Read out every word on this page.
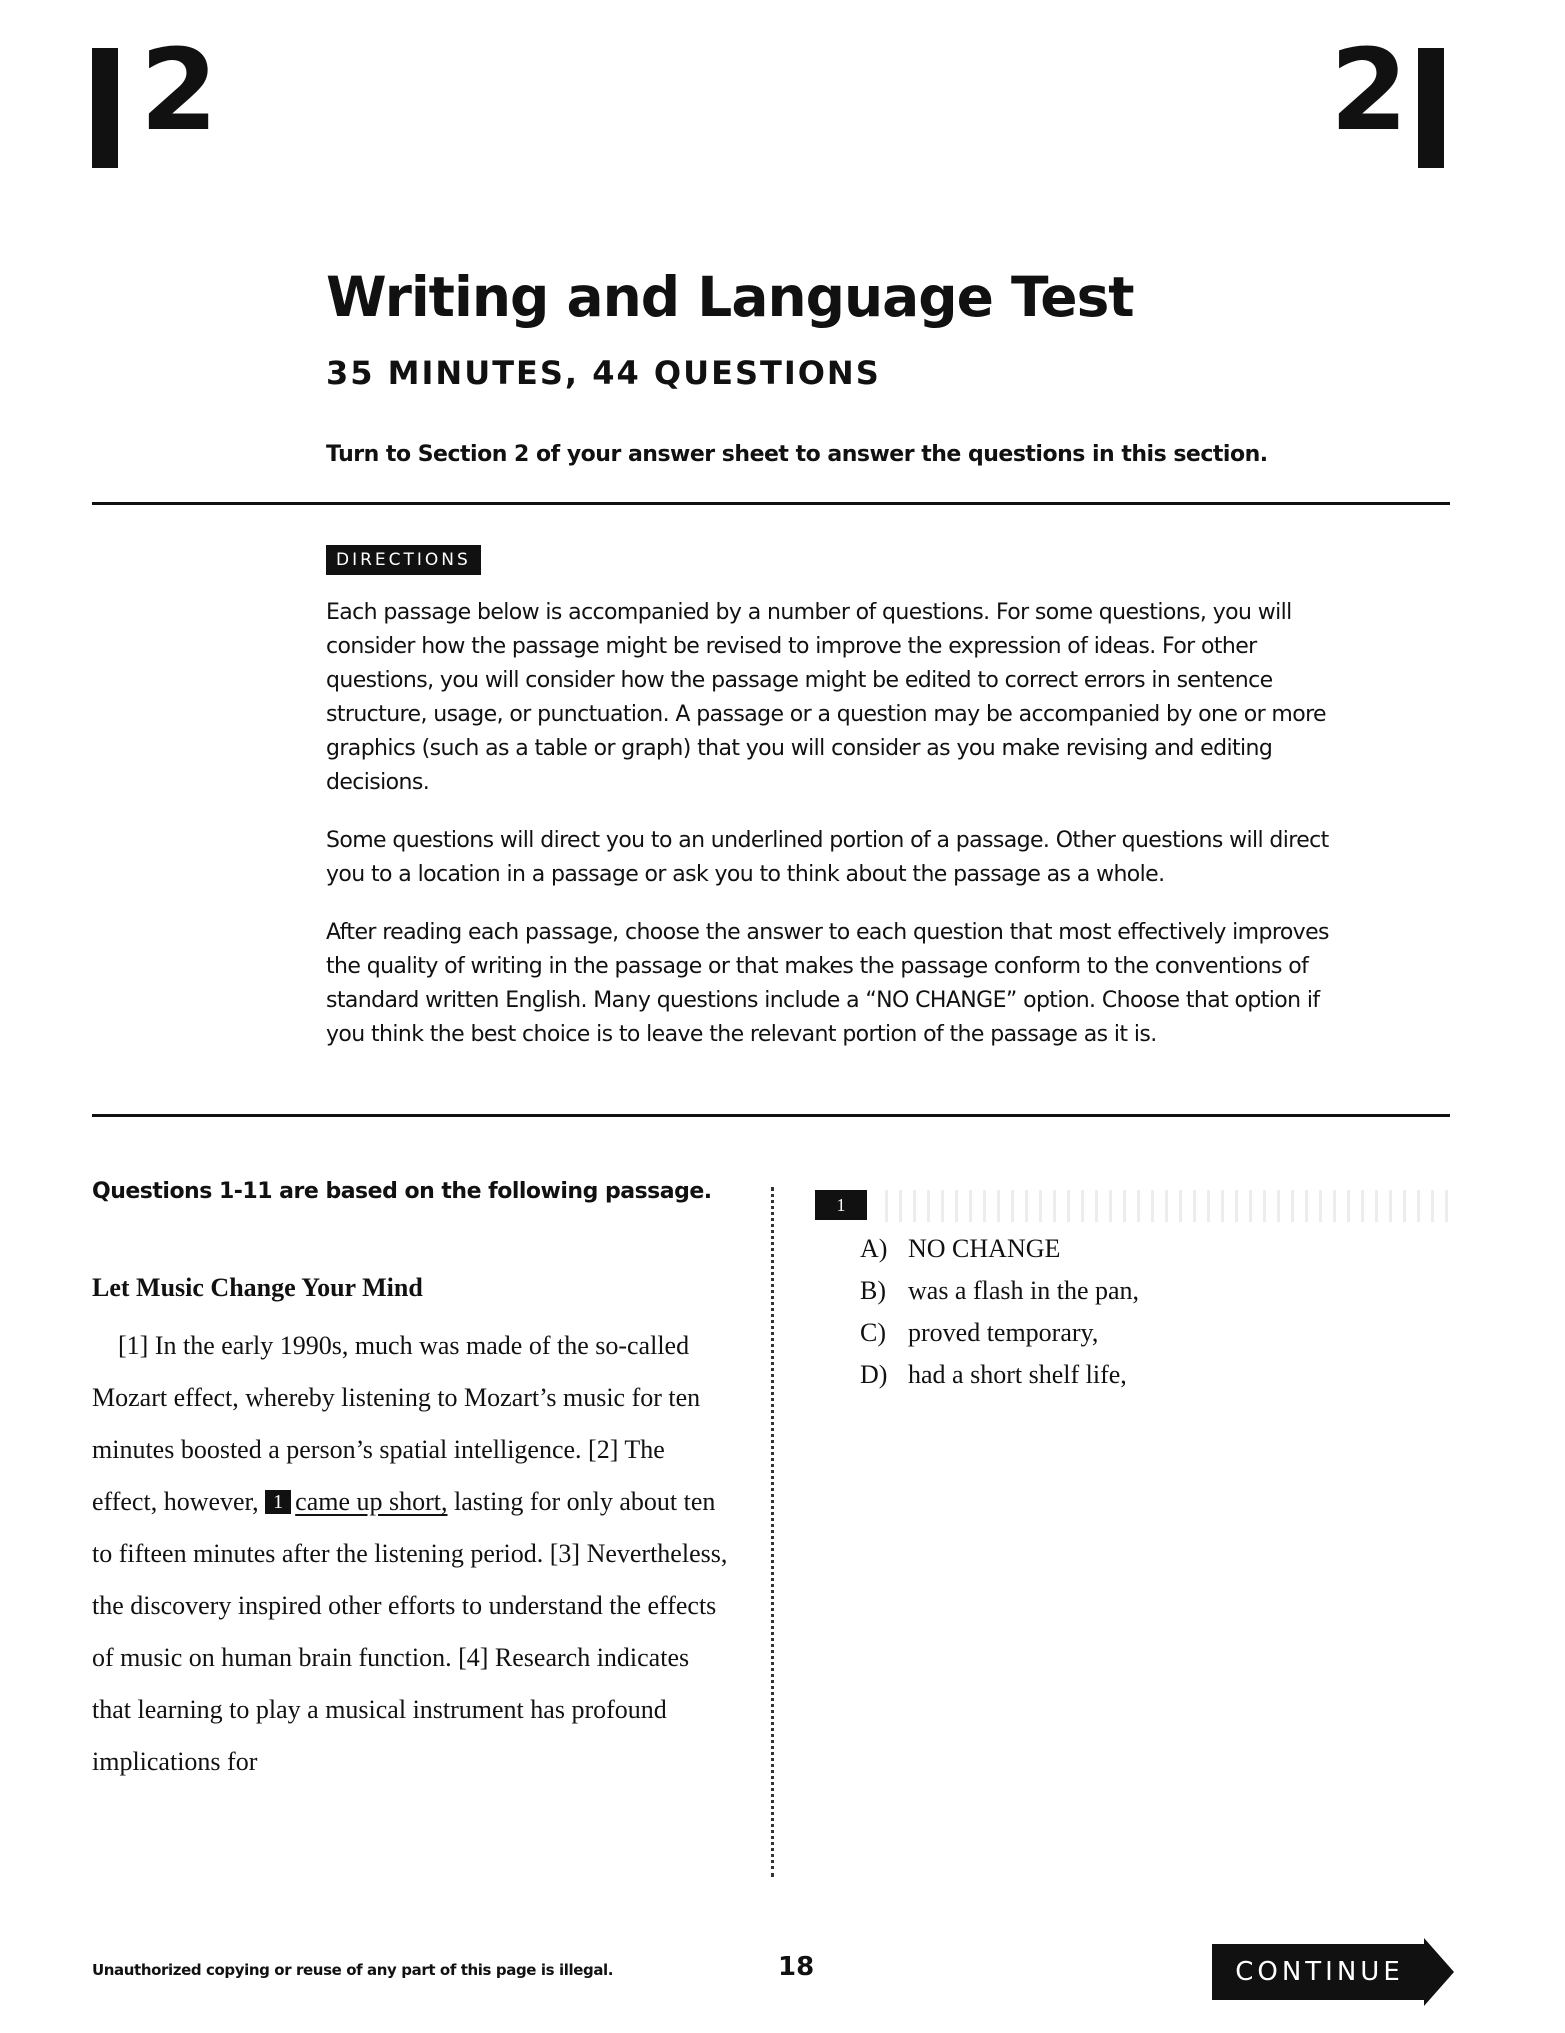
2	2
Writing and Language Test
35 MINUTES, 44 QUESTIONS
Turn to Section 2 of your answer sheet to answer the questions in this section.
DIRECTIONS

Each passage below is accompanied by a number of questions. For some questions, you will consider how the passage might be revised to improve the expression of ideas. For other questions, you will consider how the passage might be edited to correct errors in sentence structure, usage, or punctuation. A passage or a question may be accompanied by one or more graphics (such as a table or graph) that you will consider as you make revising and editing decisions.

Some questions will direct you to an underlined portion of a passage. Other questions will direct you to a location in a passage or ask you to think about the passage as a whole.

After reading each passage, choose the answer to each question that most effectively improves the quality of writing in the passage or that makes the passage conform to the conventions of standard written English. Many questions include a “NO CHANGE” option. Choose that option if you think the best choice is to leave the relevant portion of the passage as it is.

Questions 1-11 are based on the following passage.
Let Music Change Your Mind

[1] In the early 1990s, much was made of the so-called Mozart effect, whereby listening to Mozart’s music for ten minutes boosted a person’s spatial intelligence. [2] The effect, however, 1 came up short, lasting for only about ten to fifteen minutes after the listening period. [3] Nevertheless, the discovery inspired other efforts to understand the effects of music on human brain function. [4] Research indicates that learning to play a musical instrument has profound implications for

1
A) NO CHANGE
B) was a flash in the pan,
C) proved temporary,
D) had a short shelf life,
Unauthorized copying or reuse of any part of this page is illegal.	18	CONTINUE
